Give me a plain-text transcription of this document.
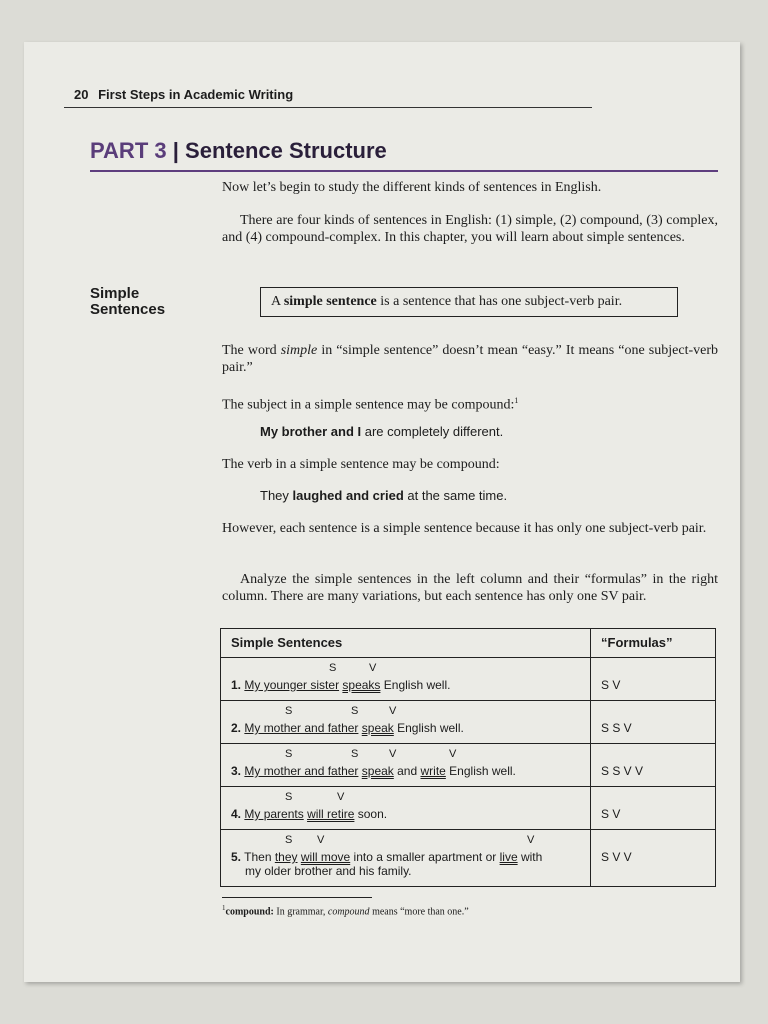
20 First Steps in Academic Writing
PART 3 | Sentence Structure
Now let’s begin to study the different kinds of sentences in English.
There are four kinds of sentences in English: (1) simple, (2) compound, (3) complex, and (4) compound-complex. In this chapter, you will learn about simple sentences.
Simple
Sentences	A simple sentence is a sentence that has one subject-verb pair.
The word simple in “simple sentence” doesn’t mean “easy.” It means “one subject-verb pair.”
The subject in a simple sentence may be compound:$^1$
My brother and I are completely different.
The verb in a simple sentence may be compound:
They laughed and cried at the same time.
However, each sentence is a simple sentence because it has only one subject-verb pair.
Analyze the simple sentences in the left column and their “formulas” in the right column. There are many variations, but each sentence has only one SV pair.
Simple Sentences	“Formulas”

S V
1. My younger sister speaks English well.	S V

S S V
2. My mother and father speak English well.	S S V

S S V V
3. My mother and father speak and write English well.	S S V V

S V
4. My parents will retire soon.	S V

S V V
5. Then they will move into a smaller apartment or live with
my older brother and his family.	S V V
$^1$compound: In grammar, compound means “more than one.”
